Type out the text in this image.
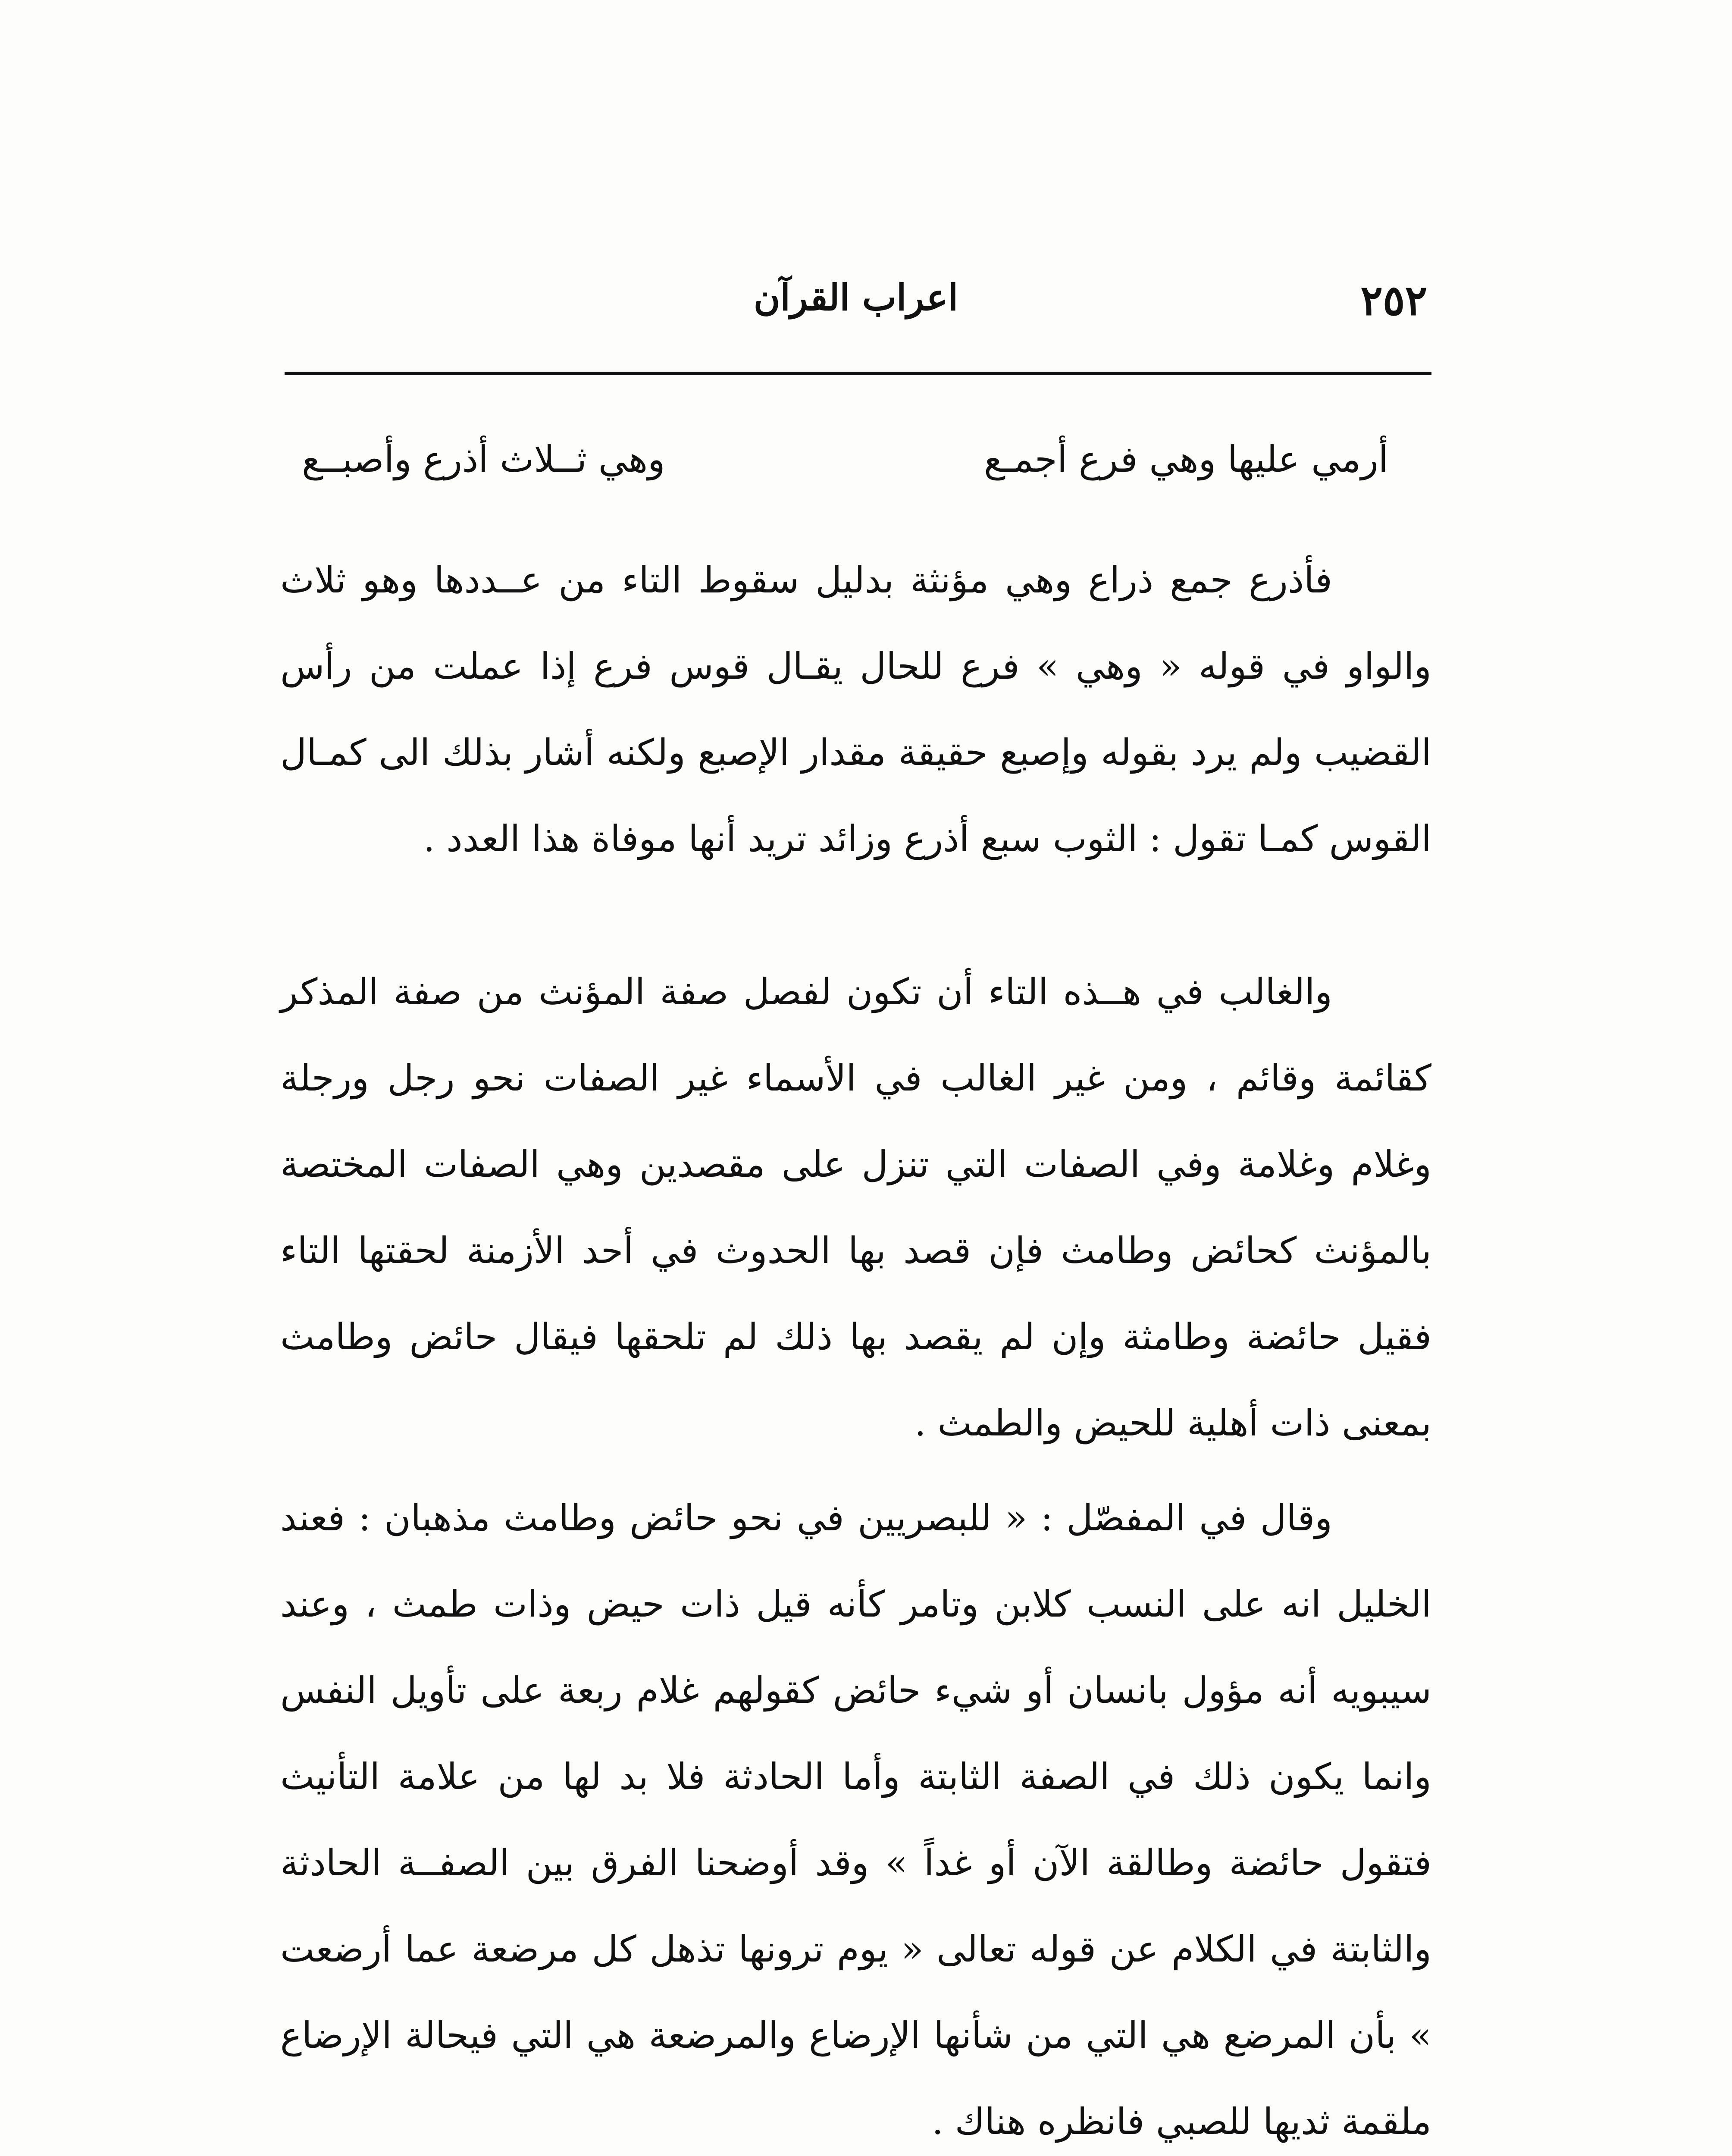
٢٥٢
اعراب القرآن
أرمي عليها وهي فرع أجمـع
وهي ثــلاث أذرع وأصبــع

فأذرع جمع ذراع وهي مؤنثة بدليل سقوط التاء من عــددها وهو ثلاث والواو في قوله « وهي » فرع للحال يقـال قوس فرع إذا عملت من رأس القضيب ولم يرد بقوله وإصبع حقيقة مقدار الإصبع ولكنه أشار بذلك الى كمـال القوس كمـا تقول : الثوب سبع أذرع وزائد تريد أنها موفاة هذا العدد .

والغالب في هــذه التاء أن تكون لفصل صفة المؤنث من صفة المذكر كقائمة وقائم ، ومن غير الغالب في الأسماء غير الصفات نحو رجل ورجلة وغلام وغلامة وفي الصفات التي تنزل على مقصدين وهي الصفات المختصة بالمؤنث كحائض وطامث فإن قصد بها الحدوث في أحد الأزمنة لحقتها التاء فقيل حائضة وطامثة وإن لم يقصد بها ذلك لم تلحقها فيقال حائض وطامث بمعنى ذات أهلية للحيض والطمث .

وقال في المفصّل : « للبصريين في نحو حائض وطامث مذهبان : فعند الخليل انه على النسب كلابن وتامر كأنه قيل ذات حيض وذات طمث ، وعند سيبويه أنه مؤول بانسان أو شيء حائض كقولهم غلام ربعة على تأويل النفس وانما يكون ذلك في الصفة الثابتة وأما الحادثة فلا بد لها من علامة التأنيث فتقول حائضة وطالقة الآن أو غداً » وقد أوضحنا الفرق بين الصفــة الحادثة والثابتة في الكلام عن قوله تعالى « يوم ترونها تذهل كل مرضعة عما أرضعت » بأن المرضع هي التي من شأنها الإرضاع والمرضعة هي التي فيحالة الإرضاع ملقمة ثديها للصبي فانظره هناك .
